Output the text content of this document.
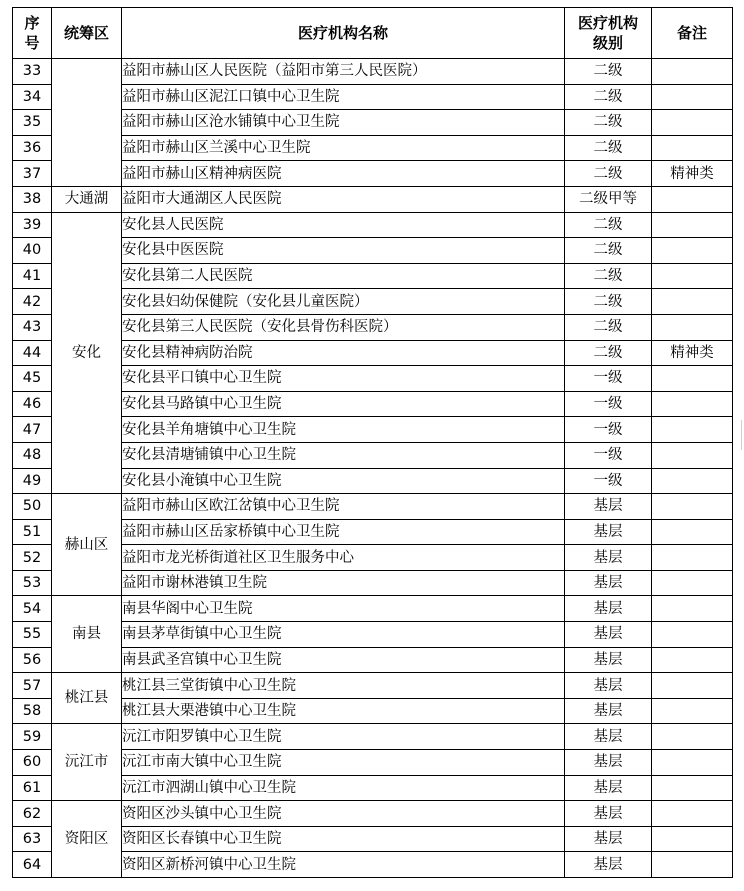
序
号	统筹区	医疗机构名称	医疗机构
级别	备注
33		益阳市赫山区人民医院（益阳市第三人民医院）	二级	
34		益阳市赫山区泥江口镇中心卫生院	二级	
35		益阳市赫山区沧水铺镇中心卫生院	二级	
36		益阳市赫山区兰溪中心卫生院	二级	
37		益阳市赫山区精神病医院	二级	精神类
38	大通湖	益阳市大通湖区人民医院	二级甲等	
39	安化	安化县人民医院	二级	
40		安化县中医医院	二级	
41		安化县第二人民医院	二级	
42		安化县妇幼保健院（安化县儿童医院）	二级	
43		安化县第三人民医院（安化县骨伤科医院）	二级	
44		安化县精神病防治院	二级	精神类
45		安化县平口镇中心卫生院	一级	
46		安化县马路镇中心卫生院	一级	
47		安化县羊角塘镇中心卫生院	一级	
48		安化县清塘铺镇中心卫生院	一级	
49		安化县小淹镇中心卫生院	一级	
50	赫山区	益阳市赫山区欧江岔镇中心卫生院	基层	
51		益阳市赫山区岳家桥镇中心卫生院	基层	
52		益阳市龙光桥街道社区卫生服务中心	基层	
53		益阳市谢林港镇卫生院	基层	
54	南县	南县华阁中心卫生院	基层	
55		南县茅草街镇中心卫生院	基层	
56		南县武圣宫镇中心卫生院	基层	
57	桃江县	桃江县三堂街镇中心卫生院	基层	
58		桃江县大栗港镇中心卫生院	基层	
59	沅江市	沅江市阳罗镇中心卫生院	基层	
60		沅江市南大镇中心卫生院	基层	
61		沅江市泗湖山镇中心卫生院	基层	
62	资阳区	资阳区沙头镇中心卫生院	基层	
63		资阳区长春镇中心卫生院	基层	
64		资阳区新桥河镇中心卫生院	基层	
